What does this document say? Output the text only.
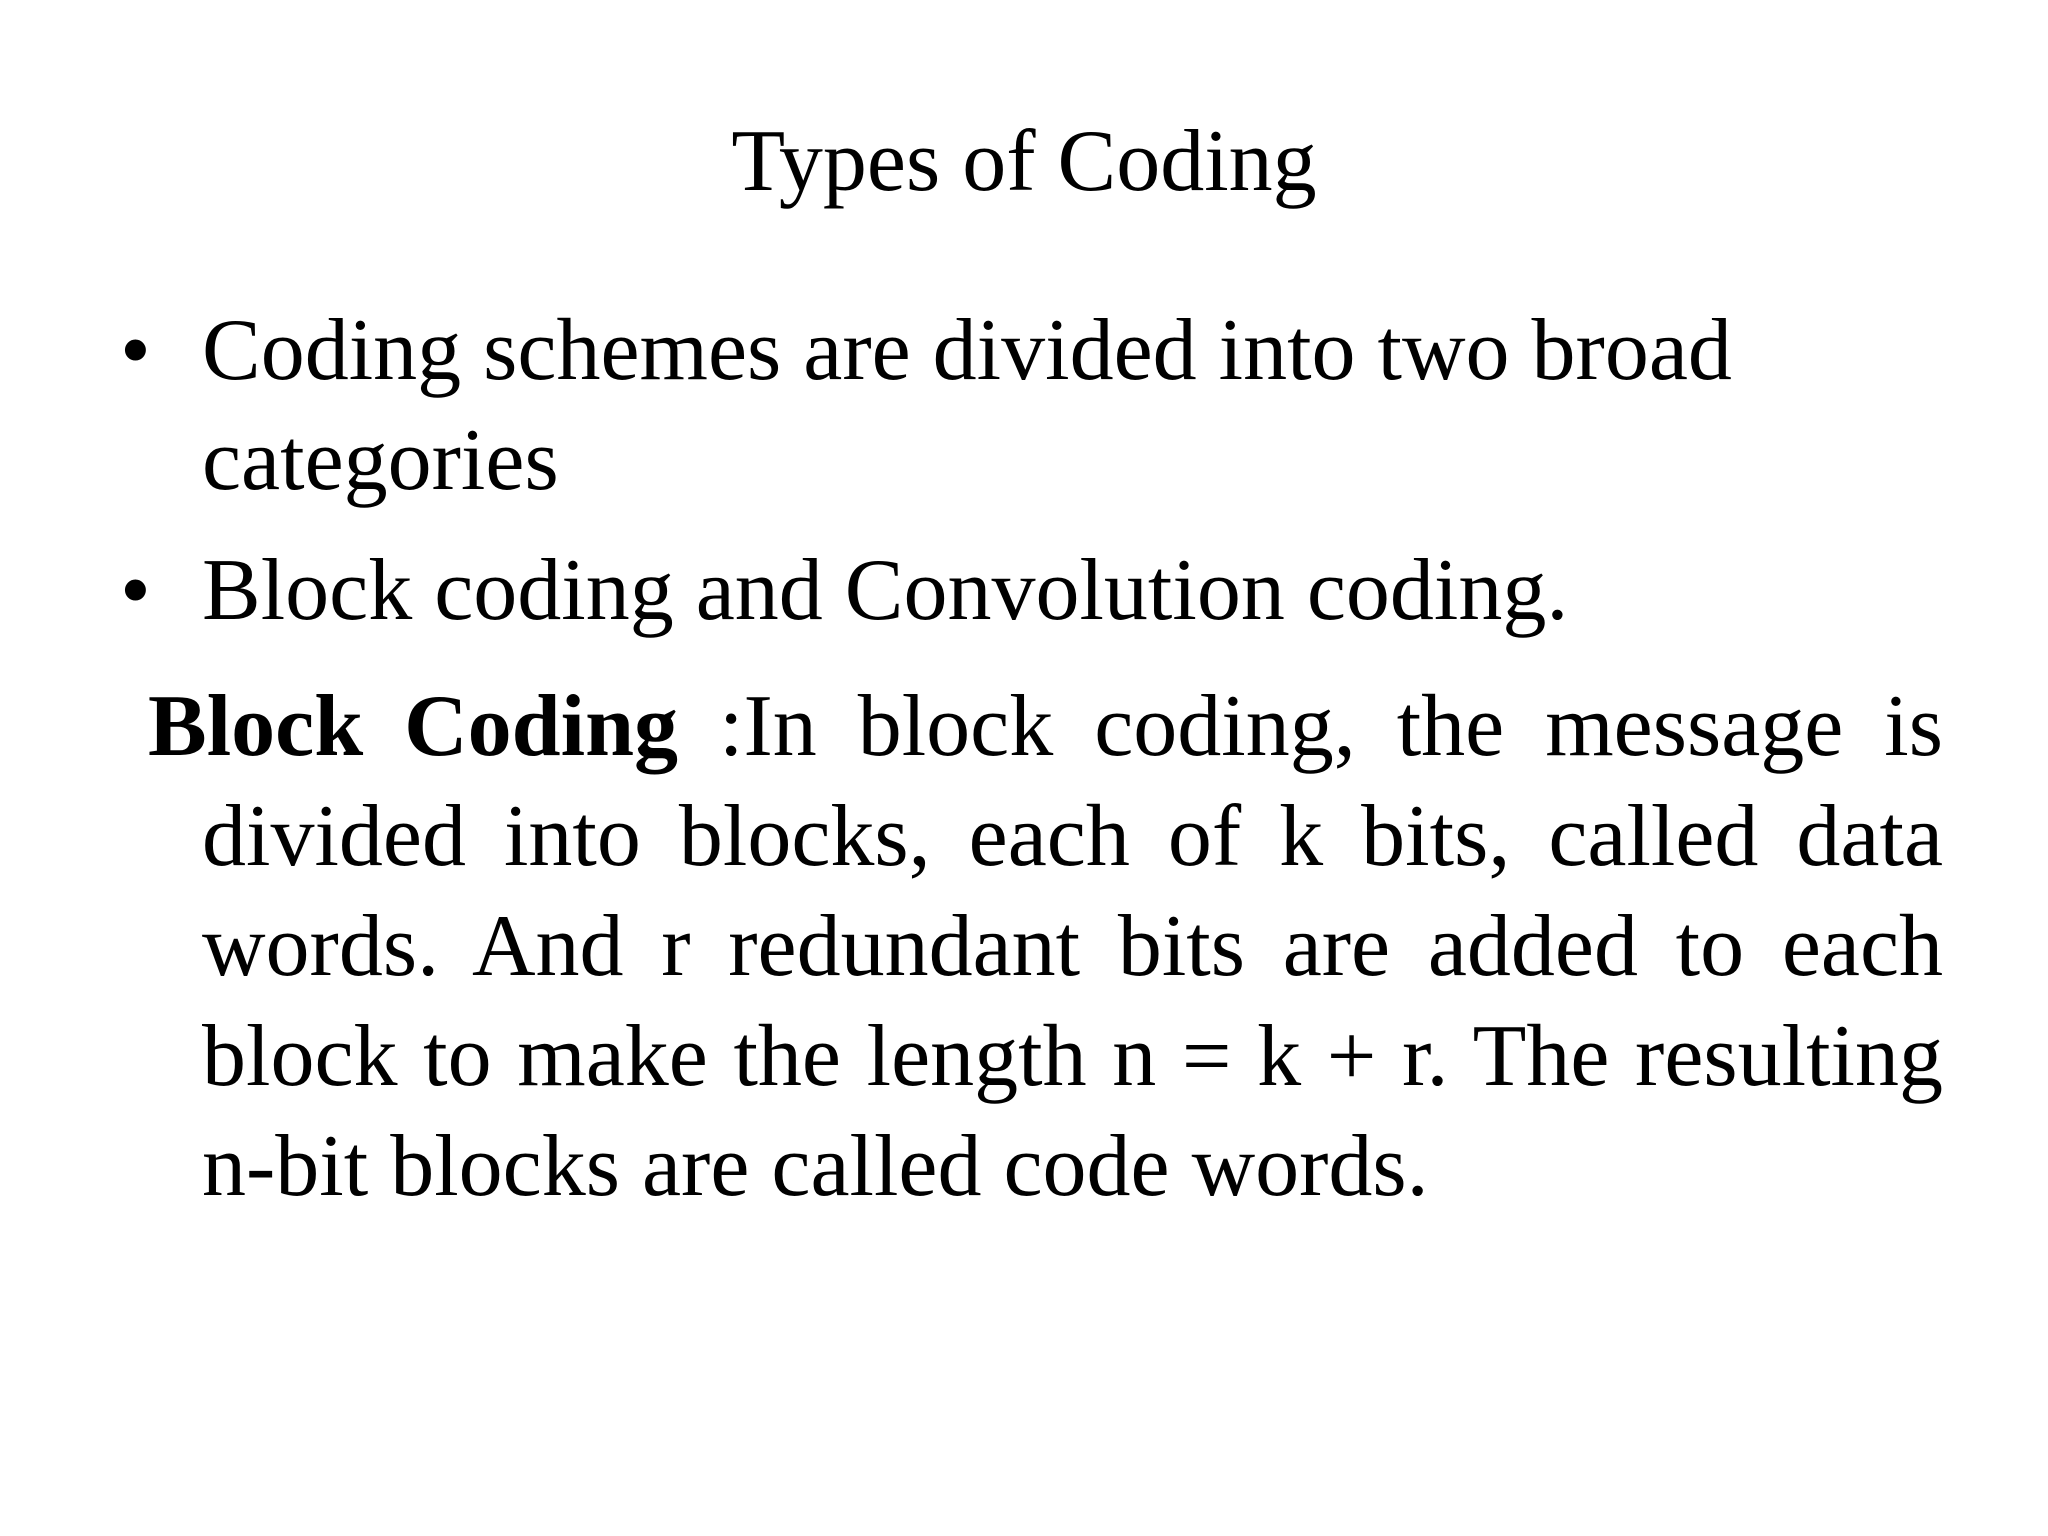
Types of Coding
• Coding schemes are divided into two broad categories
• Block coding and Convolution coding.

Block Coding :In block coding, the message is divided into blocks, each of k bits, called data words. And r redundant bits are added to each block to make the length n = k + r. The resulting n-bit blocks are called code words.
